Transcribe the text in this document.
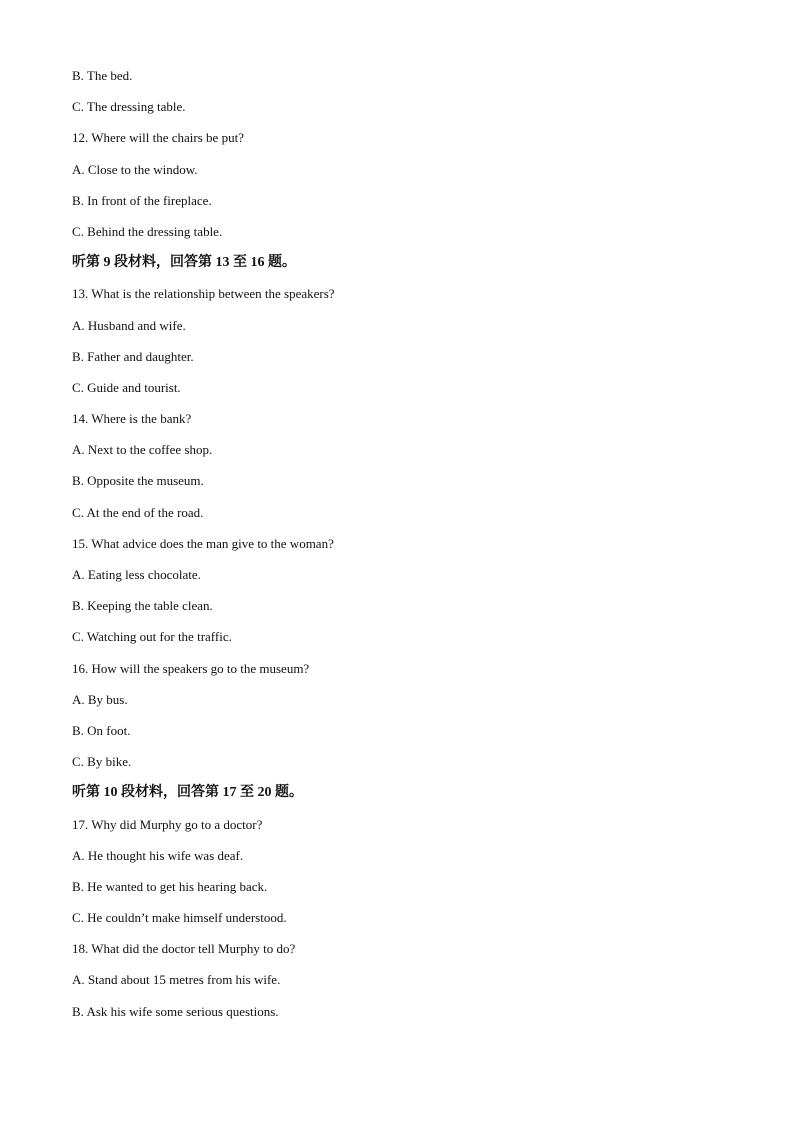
B. The bed.
C. The dressing table.
12. Where will the chairs be put?
A. Close to the window.
B. In front of the fireplace.
C. Behind the dressing table.
听第 9 段材料，回答第 13 至 16 题。
13. What is the relationship between the speakers?
A. Husband and wife.
B. Father and daughter.
C. Guide and tourist.
14. Where is the bank?
A. Next to the coffee shop.
B. Opposite the museum.
C. At the end of the road.
15. What advice does the man give to the woman?
A. Eating less chocolate.
B. Keeping the table clean.
C. Watching out for the traffic.
16. How will the speakers go to the museum?
A. By bus.
B. On foot.
C. By bike.
听第 10 段材料，回答第 17 至 20 题。
17. Why did Murphy go to a doctor?
A. He thought his wife was deaf.
B. He wanted to get his hearing back.
C. He couldn’t make himself understood.
18. What did the doctor tell Murphy to do?
A. Stand about 15 metres from his wife.
B. Ask his wife some serious questions.
